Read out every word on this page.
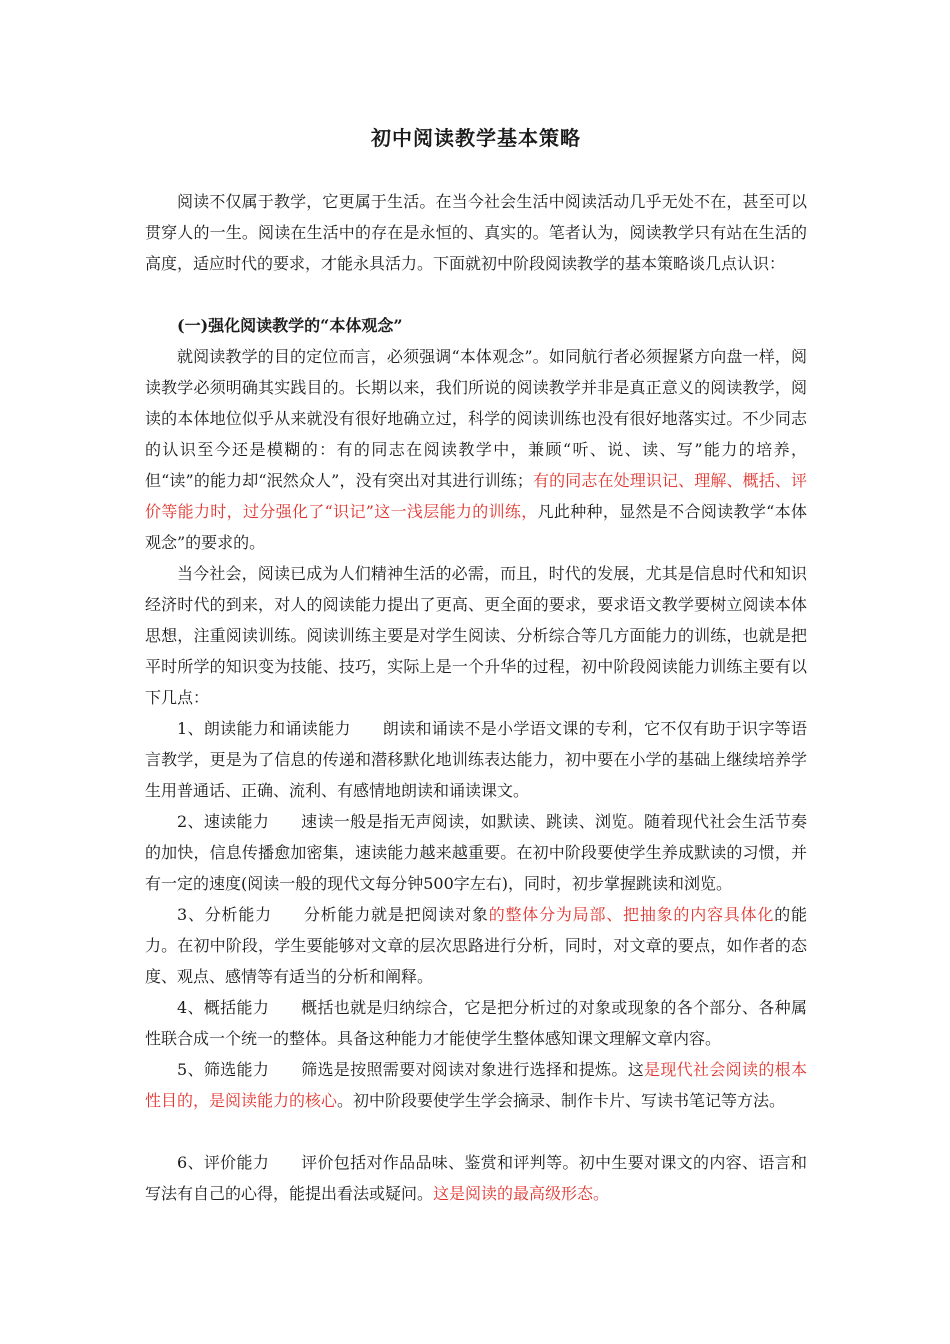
初中阅读教学基本策略

阅读不仅属于教学，它更属于生活。在当今社会生活中阅读活动几乎无处不在，甚至可以贯穿人的一生。阅读在生活中的存在是永恒的、真实的。笔者认为，阅读教学只有站在生活的高度，适应时代的要求，才能永具活力。下面就初中阶段阅读教学的基本策略谈几点认识：

(一)强化阅读教学的“本体观念”

就阅读教学的目的定位而言，必须强调“本体观念”。如同航行者必须握紧方向盘一样，阅读教学必须明确其实践目的。长期以来，我们所说的阅读教学并非是真正意义的阅读教学，阅读的本体地位似乎从来就没有很好地确立过，科学的阅读训练也没有很好地落实过。不少同志的认识至今还是模糊的：有的同志在阅读教学中，兼顾“听、说、读、写”能力的培养，但“读”的能力却“泯然众人”，没有突出对其进行训练；有的同志在处理识记、理解、概括、评价等能力时，过分强化了“识记”这一浅层能力的训练，凡此种种，显然是不合阅读教学“本体观念”的要求的。

当今社会，阅读已成为人们精神生活的必需，而且，时代的发展，尤其是信息时代和知识经济时代的到来，对人的阅读能力提出了更高、更全面的要求，要求语文教学要树立阅读本体思想，注重阅读训练。阅读训练主要是对学生阅读、分析综合等几方面能力的训练，也就是把平时所学的知识变为技能、技巧，实际上是一个升华的过程，初中阶段阅读能力训练主要有以下几点：

1、朗读能力和诵读能力 朗读和诵读不是小学语文课的专利，它不仅有助于识字等语言教学，更是为了信息的传递和潜移默化地训练表达能力，初中要在小学的基础上继续培养学生用普通话、正确、流利、有感情地朗读和诵读课文。

2、速读能力 速读一般是指无声阅读，如默读、跳读、浏览。随着现代社会生活节奏的加快，信息传播愈加密集，速读能力越来越重要。在初中阶段要使学生养成默读的习惯，并有一定的速度(阅读一般的现代文每分钟500字左右)，同时，初步掌握跳读和浏览。

3、分析能力 分析能力就是把阅读对象的整体分为局部、把抽象的内容具体化的能力。在初中阶段，学生要能够对文章的层次思路进行分析，同时，对文章的要点，如作者的态度、观点、感情等有适当的分析和阐释。

4、概括能力 概括也就是归纳综合，它是把分析过的对象或现象的各个部分、各种属性联合成一个统一的整体。具备这种能力才能使学生整体感知课文理解文章内容。

5、筛选能力 筛选是按照需要对阅读对象进行选择和提炼。这是现代社会阅读的根本性目的，是阅读能力的核心。初中阶段要使学生学会摘录、制作卡片、写读书笔记等方法。

6、评价能力 评价包括对作品品味、鉴赏和评判等。初中生要对课文的内容、语言和写法有自己的心得，能提出看法或疑问。这是阅读的最高级形态。
